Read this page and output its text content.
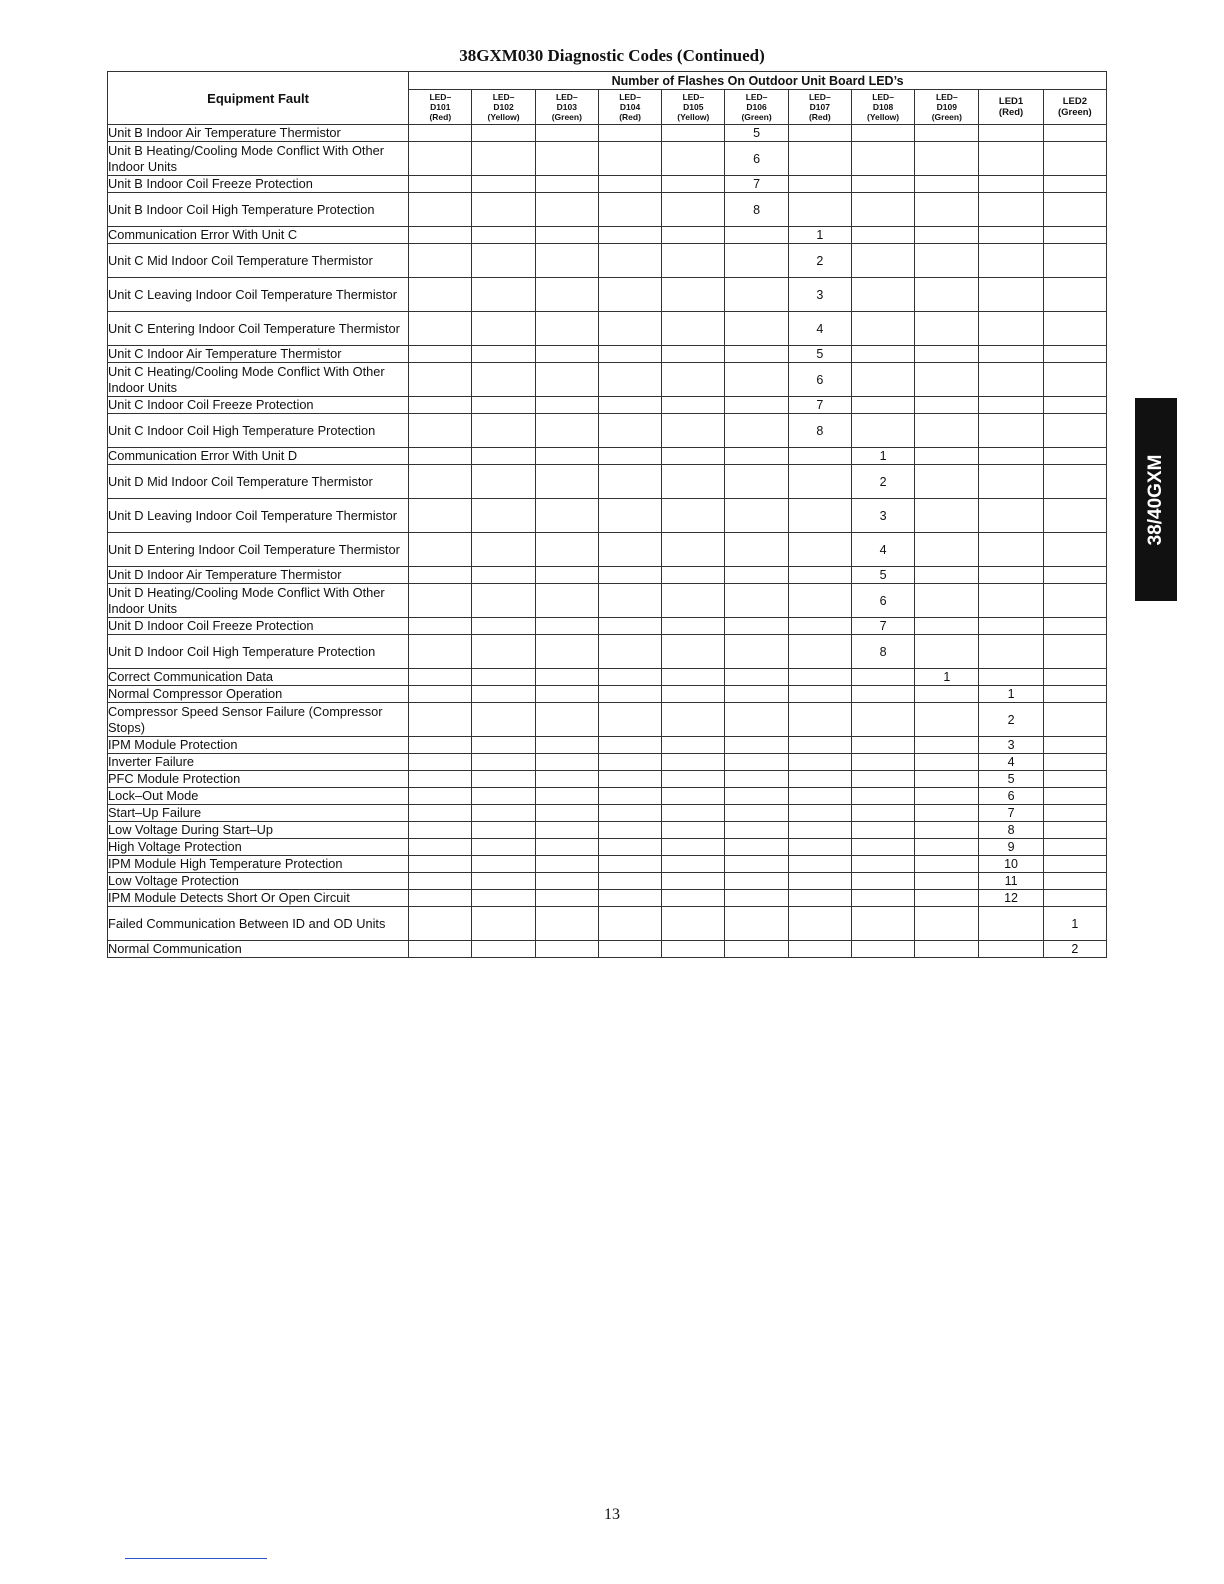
38GXM030 Diagnostic Codes (Continued)
Equipment Fault	Number of Flashes On Outdoor Unit Board LED’s										

	LED–
D101
(Red)	LED–
D102
(Yellow)	LED–
D103
(Green)	LED–
D104
(Red)	LED–
D105
(Yellow)	LED–
D106
(Green)	LED–
D107
(Red)	LED–
D108
(Yellow)	LED–
D109
(Green)	LED1
(Red)	LED2
(Green)

Unit B Indoor Air Temperature Thermistor						5					
Unit B Heating/Cooling Mode Conflict With Other Indoor Units						6					
Unit B Indoor Coil Freeze Protection						7					
Unit B Indoor Coil High Temperature Protection						8					
Communication Error With Unit C							1				
Unit C Mid Indoor Coil Temperature Thermistor							2				
Unit C Leaving Indoor Coil Temperature Thermistor							3				
Unit C Entering Indoor Coil Temperature Thermistor							4				
Unit C Indoor Air Temperature Thermistor							5				
Unit C Heating/Cooling Mode Conflict With Other Indoor Units							6				
Unit C Indoor Coil Freeze Protection							7				
Unit C Indoor Coil High Temperature Protection							8				
Communication Error With Unit D								1			
Unit D Mid Indoor Coil Temperature Thermistor								2			
Unit D Leaving Indoor Coil Temperature Thermistor								3			
Unit D Entering Indoor Coil Temperature Thermistor								4			
Unit D Indoor Air Temperature Thermistor								5			
Unit D Heating/Cooling Mode Conflict With Other Indoor Units								6			
Unit D Indoor Coil Freeze Protection								7			
Unit D Indoor Coil High Temperature Protection								8			
Correct Communication Data									1		
Normal Compressor Operation										1	
Compressor Speed Sensor Failure (Compressor Stops)										2	
IPM Module Protection										3	
Inverter Failure										4	
PFC Module Protection										5	
Lock–Out Mode										6	
Start–Up Failure										7	
Low Voltage During Start–Up										8	
High Voltage Protection										9	
IPM Module High Temperature Protection										10	
Low Voltage Protection										11	
IPM Module Detects Short Or Open Circuit										12	
Failed Communication Between ID and OD Units											1
Normal Communication											2
38/40GXM
13
